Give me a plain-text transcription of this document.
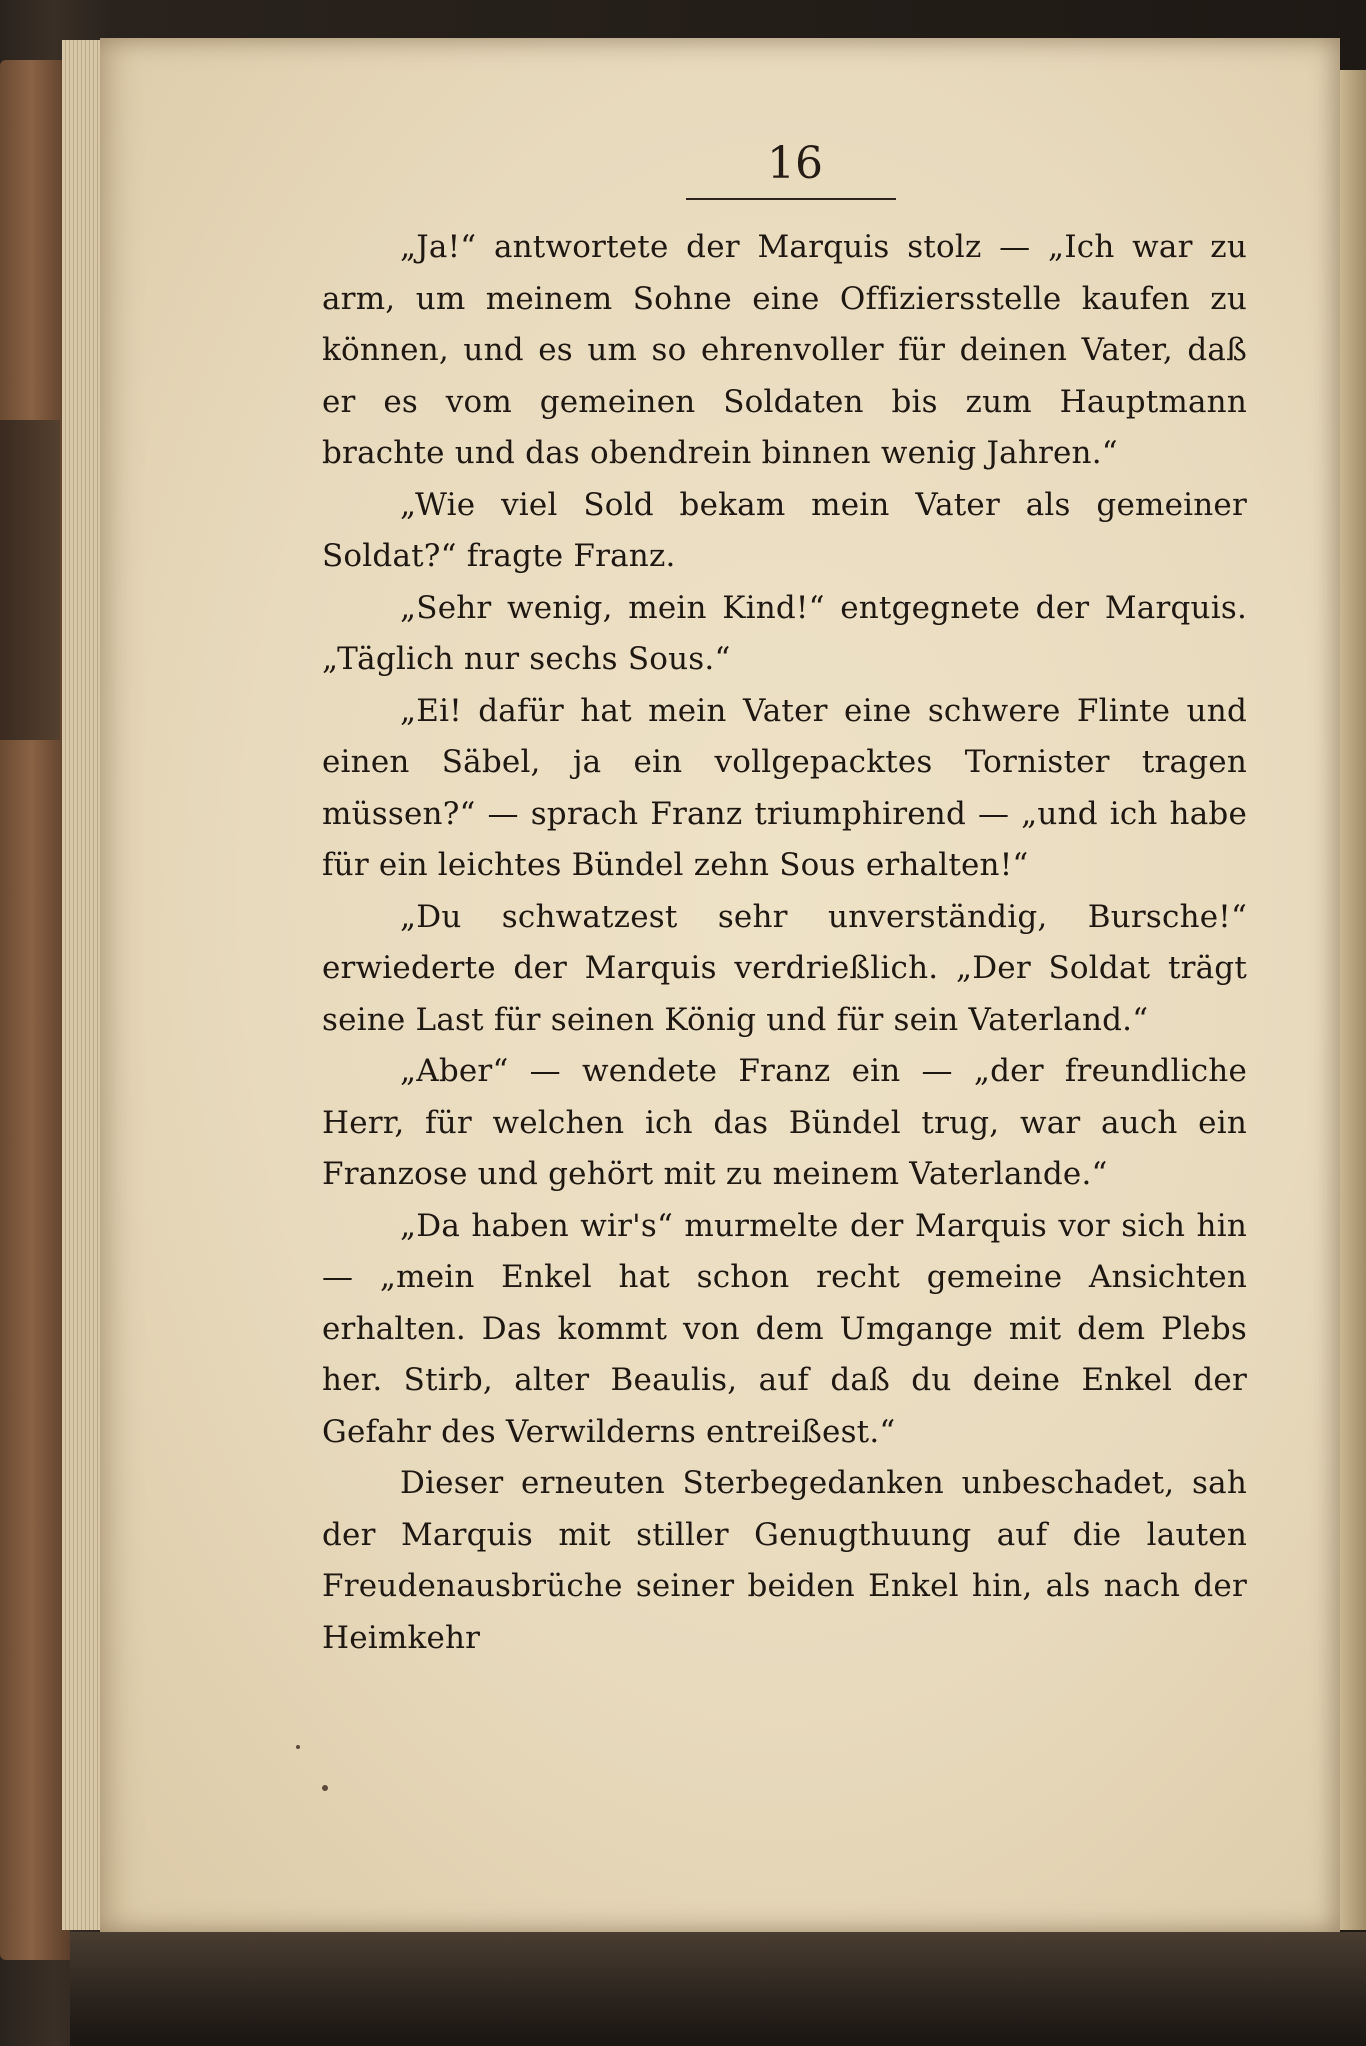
16

„Ja!“ antwortete der Marquis stolz — „Ich war zu arm, um meinem Sohne eine Offiziersstelle kaufen zu können, und es um so ehrenvoller für deinen Vater, daß er es vom gemeinen Soldaten bis zum Hauptmann brachte und das obendrein binnen wenig Jahren.“

„Wie viel Sold bekam mein Vater als gemeiner Soldat?“ fragte Franz.

„Sehr wenig, mein Kind!“ entgegnete der Marquis. „Täglich nur sechs Sous.“

„Ei! dafür hat mein Vater eine schwere Flinte und einen Säbel, ja ein vollgepacktes Tornister tragen müssen?“ — sprach Franz triumphirend — „und ich habe für ein leichtes Bündel zehn Sous erhalten!“

„Du schwatzest sehr unverständig, Bursche!“ erwiederte der Marquis verdrießlich. „Der Soldat trägt seine Last für seinen König und für sein Vaterland.“

„Aber“ — wendete Franz ein — „der freundliche Herr, für welchen ich das Bündel trug, war auch ein Franzose und gehört mit zu meinem Vaterlande.“

„Da haben wir's“ murmelte der Marquis vor sich hin — „mein Enkel hat schon recht gemeine Ansichten erhalten. Das kommt von dem Umgange mit dem Plebs her. Stirb, alter Beaulis, auf daß du deine Enkel der Gefahr des Verwilderns entreißest.“

Dieser erneuten Sterbegedanken unbeschadet, sah der Marquis mit stiller Genugthuung auf die lauten Freudenausbrüche seiner beiden Enkel hin, als nach der Heimkehr
